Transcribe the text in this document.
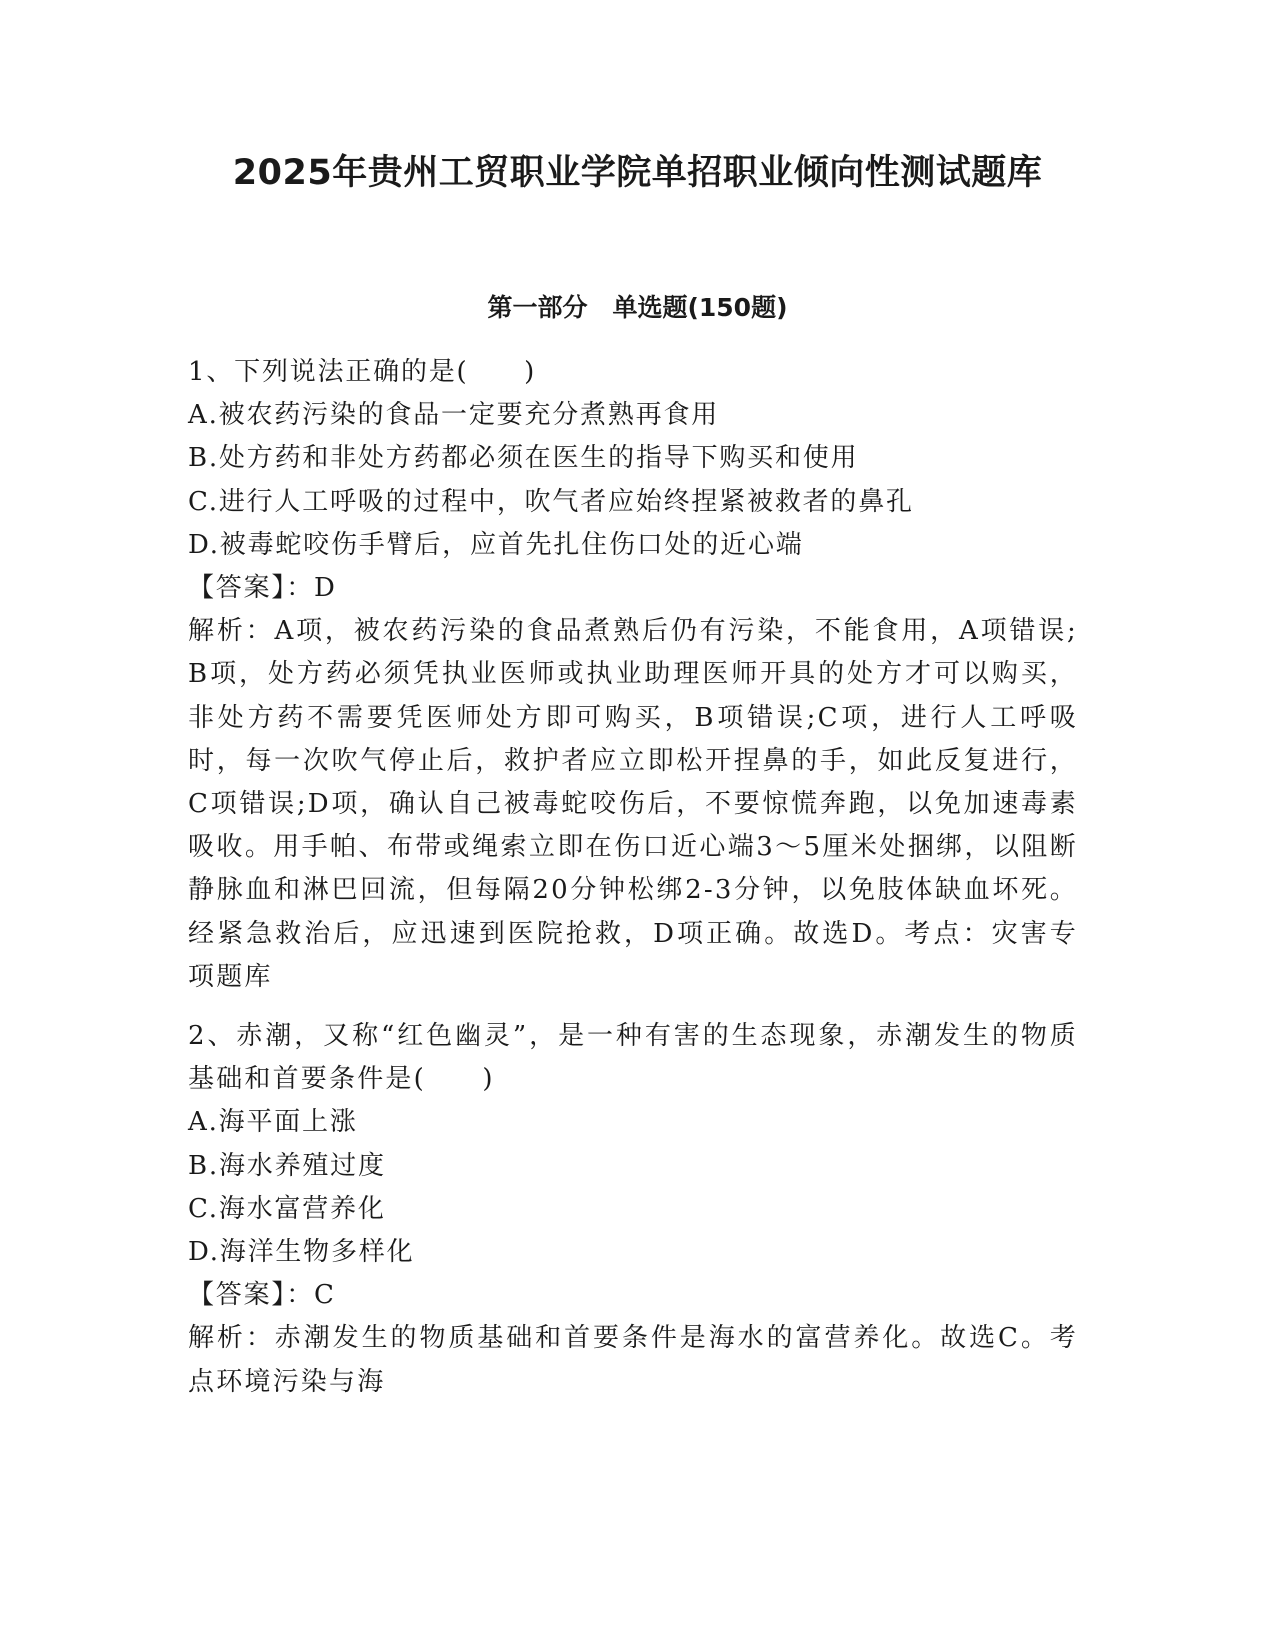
2025年贵州工贸职业学院单招职业倾向性测试题库
第一部分　单选题(150题)

1、下列说法正确的是(　　)

A.被农药污染的食品一定要充分煮熟再食用

B.处方药和非处方药都必须在医生的指导下购买和使用

C.进行人工呼吸的过程中，吹气者应始终捏紧被救者的鼻孔

D.被毒蛇咬伤手臂后，应首先扎住伤口处的近心端

【答案】：D

解析：A项，被农药污染的食品煮熟后仍有污染，不能食用，A项错误;B项，处方药必须凭执业医师或执业助理医师开具的处方才可以购买，非处方药不需要凭医师处方即可购买，B项错误;C项，进行人工呼吸时，每一次吹气停止后，救护者应立即松开捏鼻的手，如此反复进行，C项错误;D项，确认自己被毒蛇咬伤后，不要惊慌奔跑，以免加速毒素吸收。用手帕、布带或绳索立即在伤口近心端3～5厘米处捆绑，以阻断静脉血和淋巴回流，但每隔20分钟松绑2-3分钟，以免肢体缺血坏死。经紧急救治后，应迅速到医院抢救，D项正确。故选D。考点：灾害专项题库

2、赤潮，又称“红色幽灵”，是一种有害的生态现象，赤潮发生的物质基础和首要条件是(　　)

A.海平面上涨

B.海水养殖过度

C.海水富营养化

D.海洋生物多样化

【答案】：C

解析：赤潮发生的物质基础和首要条件是海水的富营养化。故选C。考点环境污染与海
